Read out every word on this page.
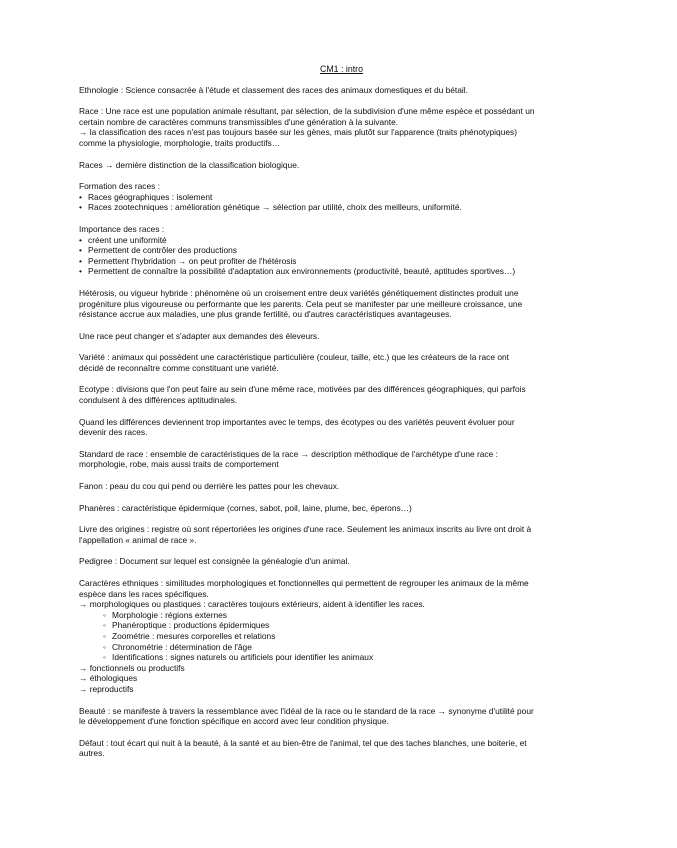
CM1 : intro
Ethnologie : Science consacrée à l'étude et classement des races des animaux domestiques et du bétail.
Race : Une race est une population animale résultant, par sélection, de la subdivision d'une même espèce et possédant un
certain nombre de caractères communs transmissibles d'une génération à la suivante.
→ la classification des races n'est pas toujours basée sur les gènes, mais plutôt sur l'apparence (traits phénotypiques)
comme la physiologie, morphologie, traits productifs…
Races → dernière distinction de la classification biologique.
Formation des races :
• Races géographiques : isolement
• Races zootechniques : amélioration génétique → sélection par utilité, choix des meilleurs, uniformité.
Importance des races :
• créent une uniformité
• Permettent de contrôler des productions
• Permettent l'hybridation → on peut profiter de l'hétérosis
• Permettent de connaître la possibilité d'adaptation aux environnements (productivité, beauté, aptitudes sportives…)
Hétérosis, ou vigueur hybride : phénomène où un croisement entre deux variétés génétiquement distinctes produit une
progéniture plus vigoureuse ou performante que les parents. Cela peut se manifester par une meilleure croissance, une
résistance accrue aux maladies, une plus grande fertilité, ou d'autres caractéristiques avantageuses.
Une race peut changer et s'adapter aux demandes des éleveurs.
Variété : animaux qui possèdent une caractéristique particulière (couleur, taille, etc.) que les créateurs de la race ont
décidé de reconnaître comme constituant une variété.
Ecotype : divisions que l'on peut faire au sein d'une même race, motivées par des différences géographiques, qui parfois
conduisent à des différences aptitudinales.
Quand les différences deviennent trop importantes avec le temps, des écotypes ou des variétés peuvent évoluer pour
devenir des races.
Standard de race : ensemble de caractéristiques de la race → description méthodique de l'archétype d'une race :
morphologie, robe, mais aussi traits de comportement
Fanon : peau du cou qui pend ou derrière les pattes pour les chevaux.
Phanères : caractéristique épidermique (cornes, sabot, poil, laine, plume, bec, éperons…)
Livre des origines : registre où sont répertoriées les origines d'une race. Seulement les animaux inscrits au livre ont droit à
l'appellation « animal de race ».
Pedigree : Document sur lequel est consignée la généalogie d'un animal.
Caractères ethniques : similitudes morphologiques et fonctionnelles qui permettent de regrouper les animaux de la même
espèce dans les races spécifiques.
→ morphologiques ou plastiques : caractères toujours extérieurs, aident à identifier les races.
◦ Morphologie : régions externes
◦ Phanéroptique : productions épidermiques
◦ Zoométrie : mesures corporelles et relations
◦ Chronométrie : détermination de l'âge
◦ Identifications : signes naturels ou artificiels pour identifier les animaux
→ fonctionnels ou productifs
→ éthologiques
→ reproductifs
Beauté : se manifeste à travers la ressemblance avec l'idéal de la race ou le standard de la race → synonyme d'utilité pour
le développement d'une fonction spécifique en accord avec leur condition physique.
Défaut : tout écart qui nuit à la beauté, à la santé et au bien-être de l'animal, tel que des taches blanches, une boiterie, et
autres.
